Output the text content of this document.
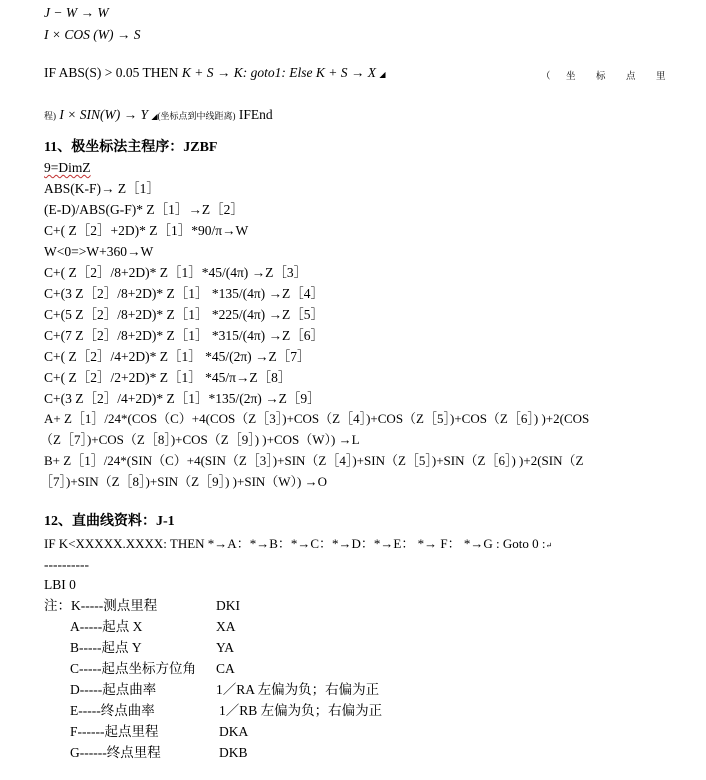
J − W → W
I × COS (W) → S
IF ABS(S) > 0.05 THEN K + S → K: goto1: Else K + S → X ◢	（ 坐 标 点 里
程) I × SIN(W) → Y ◢(坐标点到中线距离) IFEnd
11、极坐标法主程序：JZBF
9=DimZ
ABS(K-F)→ Z［1］
(E-D)/ABS(G-F)* Z［1］→Z［2］
C+( Z［2］+2D)* Z［1］*90/π→W
W<0=>W+360→W
C+( Z［2］/8+2D)* Z［1］*45/(4π) →Z［3］
C+(3 Z［2］/8+2D)* Z［1］ *135/(4π) →Z［4］
C+(5 Z［2］/8+2D)* Z［1］ *225/(4π) →Z［5］
C+(7 Z［2］/8+2D)* Z［1］ *315/(4π) →Z［6］
C+( Z［2］/4+2D)* Z［1］ *45/(2π) →Z［7］
C+( Z［2］/2+2D)* Z［1］ *45/π→Z［8］
C+(3 Z［2］/4+2D)* Z［1］*135/(2π) →Z［9］
A+ Z［1］/24*(COS（C）+4(COS（Z［3］)+COS（Z［4］)+COS（Z［5］)+COS（Z［6］) )+2(COS
（Z［7］)+COS（Z［8］)+COS（Z［9］) )+COS（W）) →L
B+ Z［1］/24*(SIN（C）+4(SIN（Z［3］)+SIN（Z［4］)+SIN（Z［5］)+SIN（Z［6］) )+2(SIN（Z
［7］)+SIN（Z［8］)+SIN（Z［9］) )+SIN（W）) →O
12、直曲线资料：J-1
IF K<XXXXX.XXXX: THEN *→A：*→B：*→C：*→D：*→E： *→ F： *→G : Goto 0 :↵
----------
LBI 0
注：K-----测点里程	DKI
A-----起点 X	XA
B-----起点 Y	YA
C-----起点坐标方位角 CA
D-----起点曲率	1／RA 左偏为负；右偏为正
E-----终点曲率	1／RB 左偏为负；右偏为正
F------起点里程	DKA
G------终点里程	DKB
